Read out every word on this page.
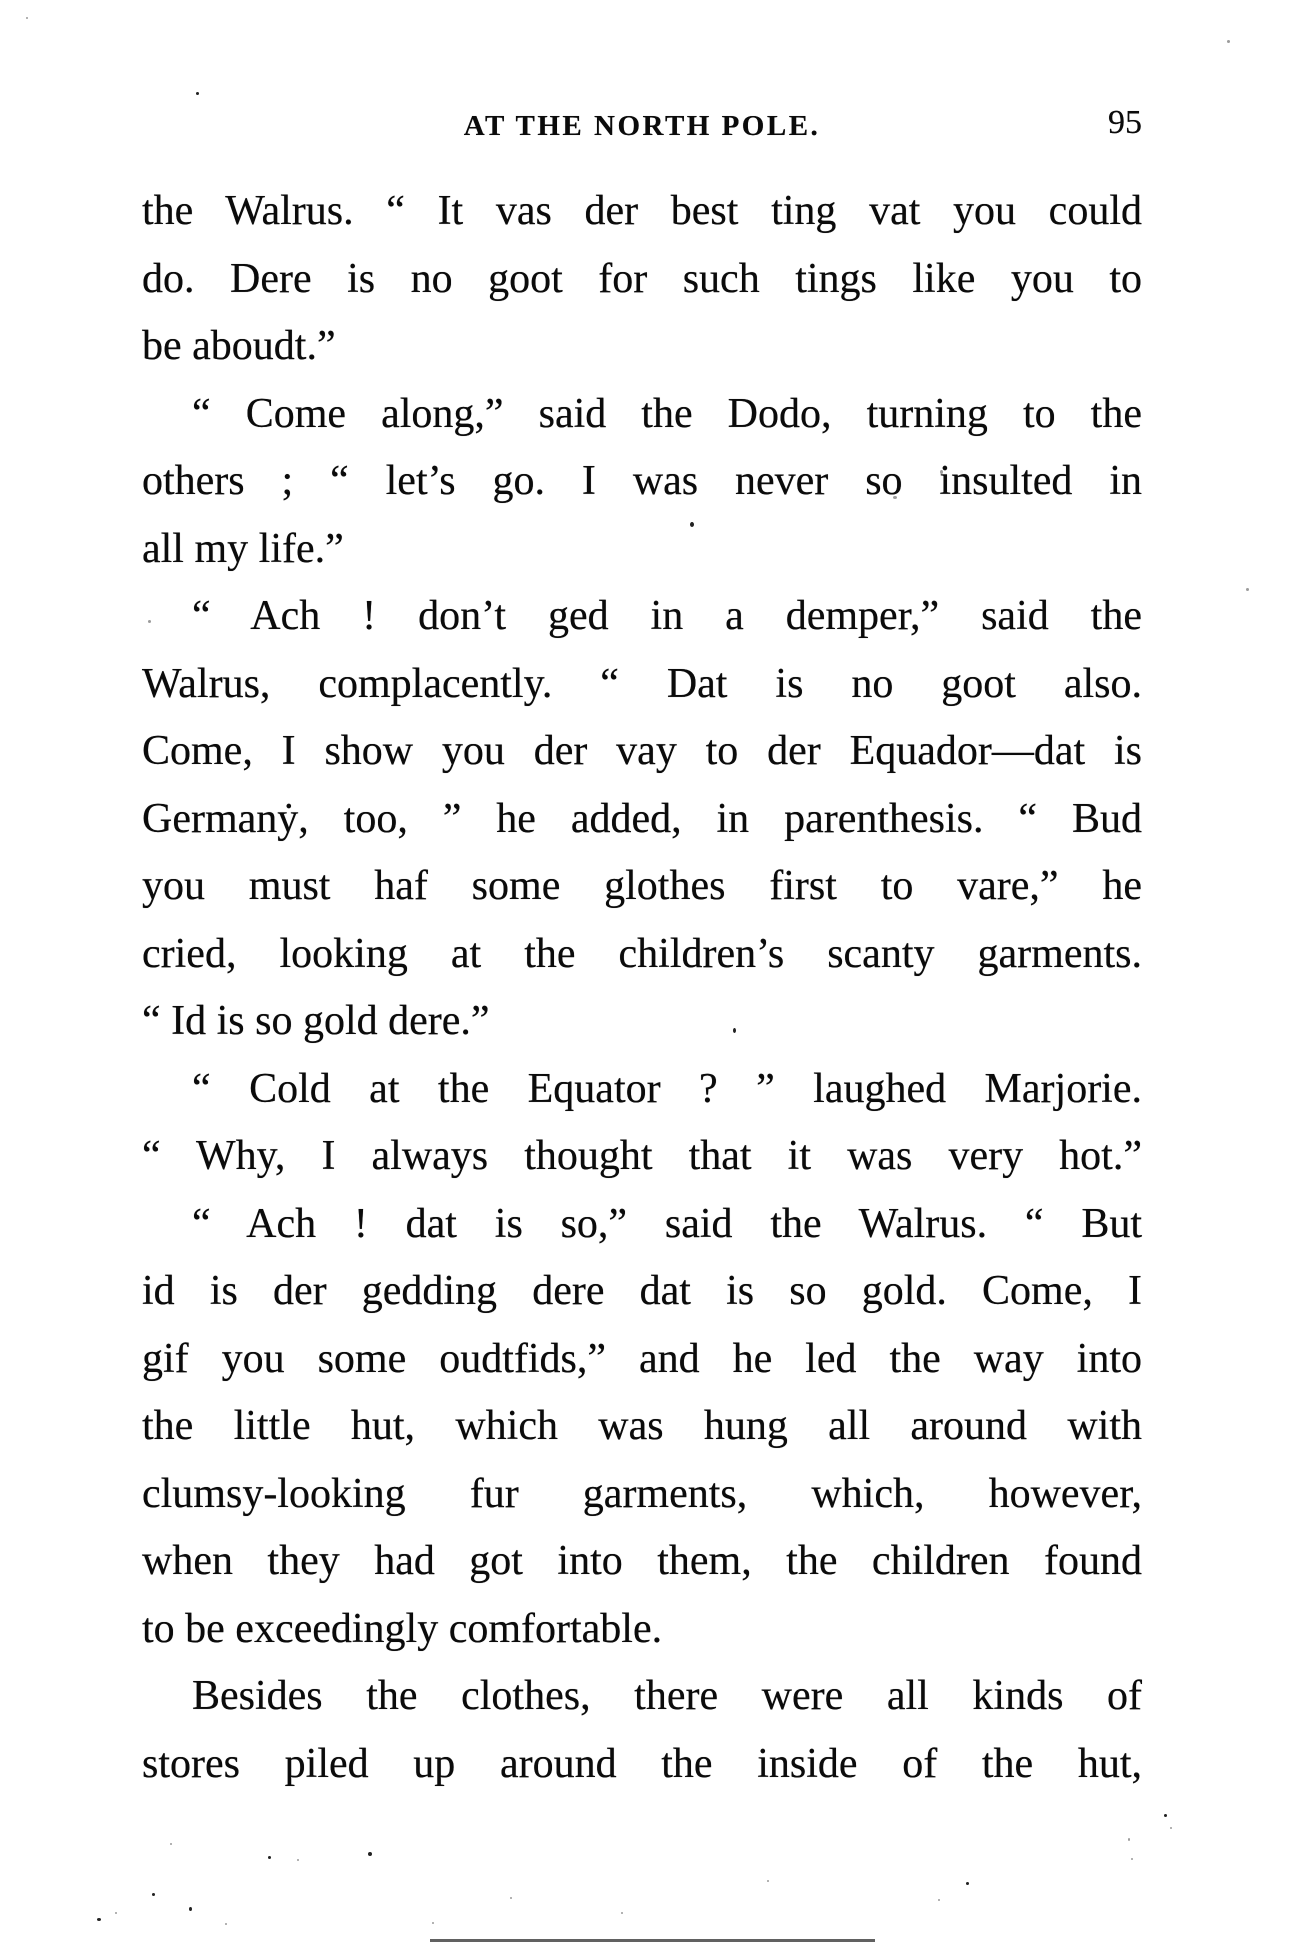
AT THE NORTH POLE.	95
the Walrus. “ It vas der best ting vat you could
do. Dere is no goot for such tings like you to
be aboudt.”
“ Come along,” said the Dodo, turning to the
others ; “ let’s go. I was never so insulted in
all my life.”
“ Ach ! don’t ged in a demper,” said the
Walrus, complacently. “ Dat is no goot also.
Come, I show you der vay to der Equador—dat is
Germanẏ, too, ” he added, in parenthesis. “ Bud
you must haf some glothes first to vare,” he
cried, looking at the children’s scanty garments.
“ Id is so gold dere.”
“ Cold at the Equator ? ” laughed Marjorie.
“ Why, I always thought that it was very hot.”
“ Ach ! dat is so,” said the Walrus. “ But
id is der gedding dere dat is so gold. Come, I
gif you some oudtfids,” and he led the way into
the little hut, which was hung all around with
clumsy-looking fur garments, which, however,
when they had got into them, the children found
to be exceedingly comfortable.
Besides the clothes, there were all kinds of
stores piled up around the inside of the hut,
